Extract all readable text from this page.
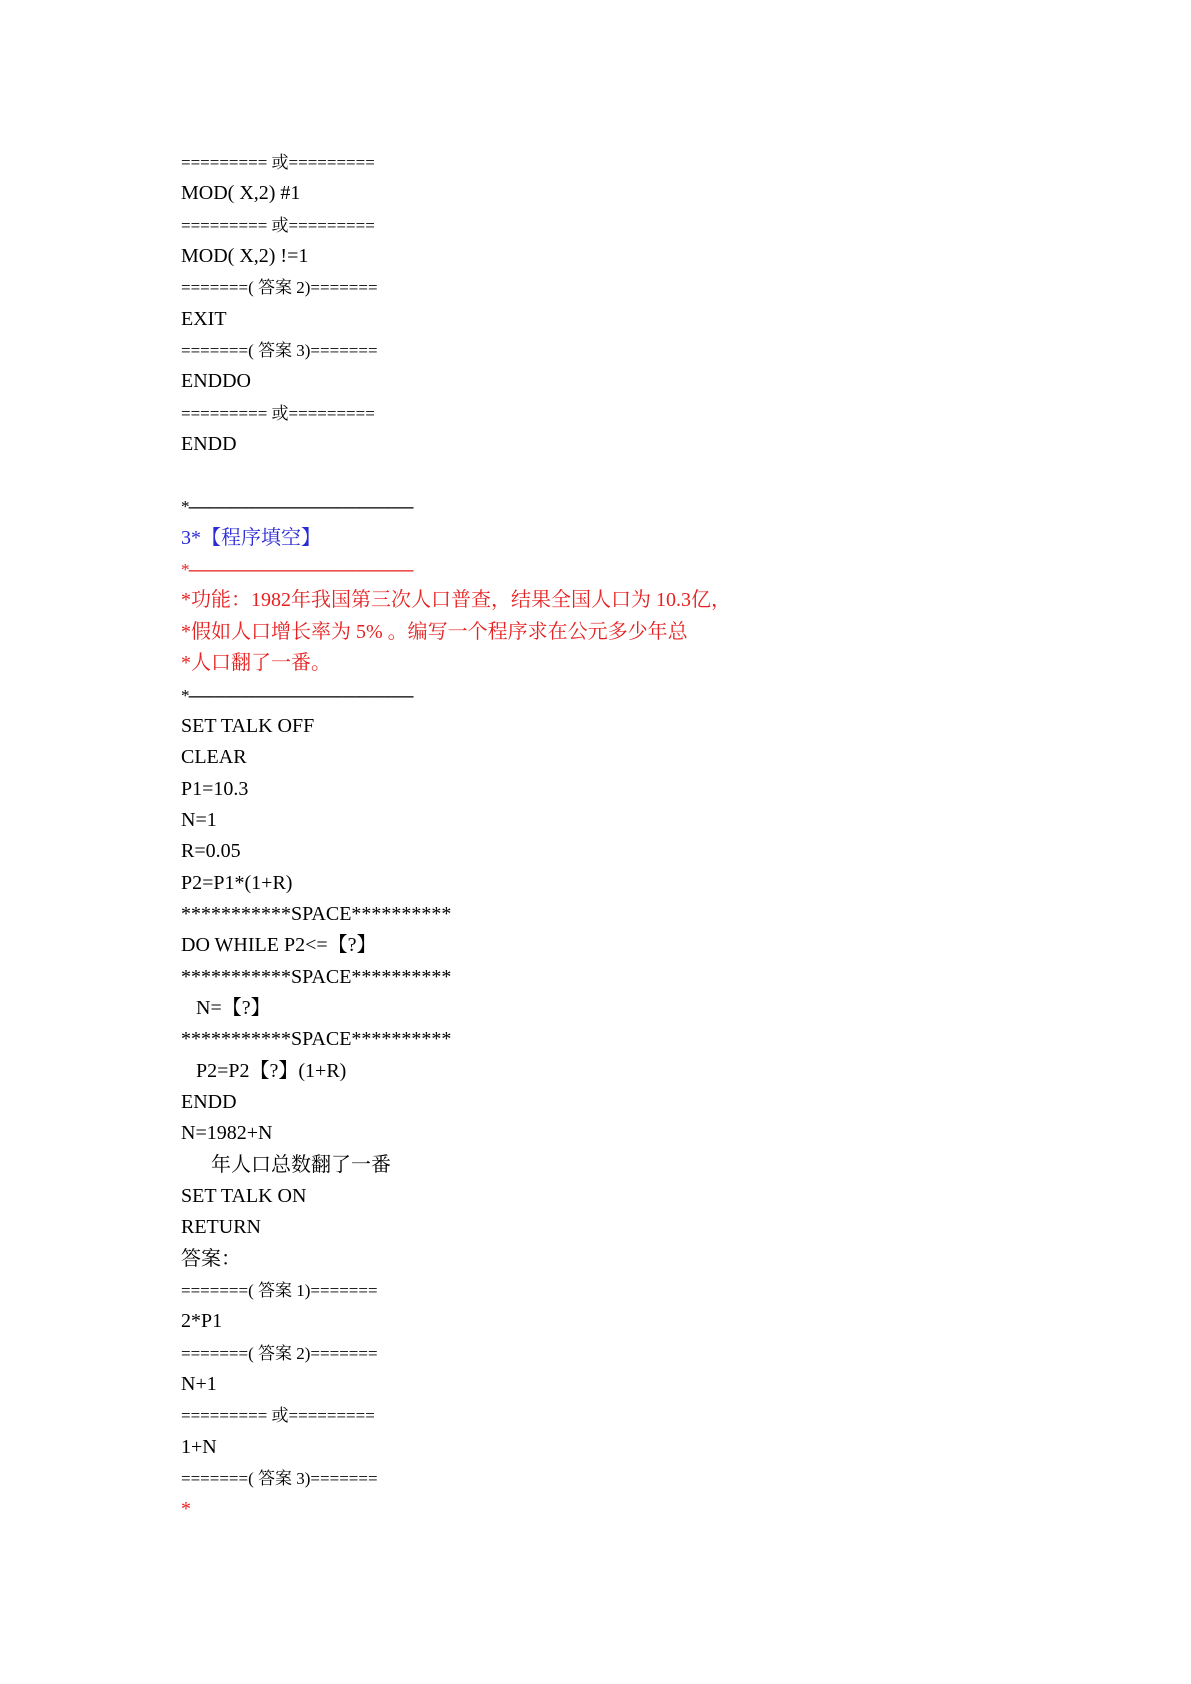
========= 或=========
MOD( X,2) #1
========= 或=========
MOD( X,2) !=1
=======( 答案 2)=======
EXIT
=======( 答案 3)=======
ENDDO
========= 或=========
ENDD
*------------------------------------------------------
3*【程序填空】
*------------------------------------------------------
*功能：1982年我国第三次人口普查，结果全国人口为 10.3亿，
*假如人口增长率为 5% 。编写一个程序求在公元多少年总
*人口翻了一番。
*------------------------------------------------------
SET TALK OFF
CLEAR
P1=10.3
N=1
R=0.05
P2=P1*(1+R)
***********SPACE**********
DO WHILE P2<=【?】
***********SPACE**********
N=【?】
***********SPACE**********
P2=P2【?】(1+R)
ENDD
N=1982+N
年人口总数翻了一番
SET TALK ON
RETURN
答案：
=======( 答案 1)=======
2*P1
=======( 答案 2)=======
N+1
========= 或=========
1+N
=======( 答案 3)=======
*
